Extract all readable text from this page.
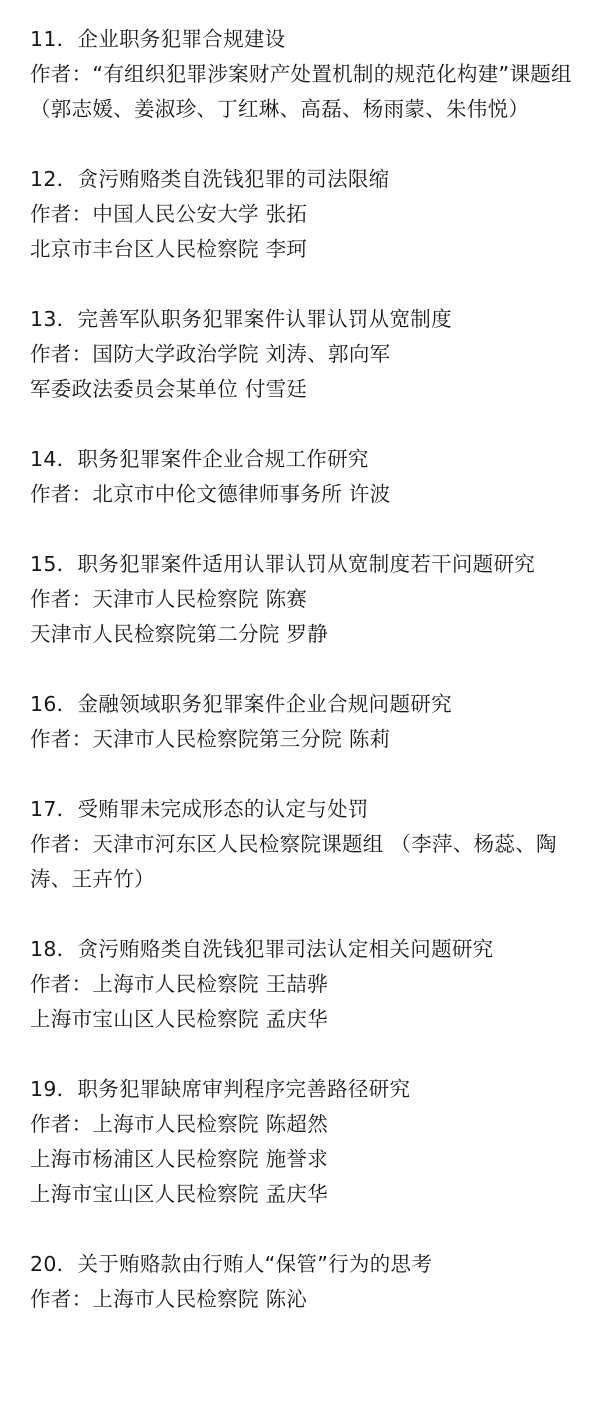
11．企业职务犯罪合规建设

作者：“有组织犯罪涉案财产处置机制的规范化构建”课题组

（郭志媛、姜淑珍、丁红琳、高磊、杨雨蒙、朱伟悦）

12．贪污贿赂类自洗钱犯罪的司法限缩

作者：中国人民公安大学 张拓

北京市丰台区人民检察院 李珂

13．完善军队职务犯罪案件认罪认罚从宽制度

作者：国防大学政治学院 刘涛、郭向军

军委政法委员会某单位 付雪廷

14．职务犯罪案件企业合规工作研究

作者：北京市中伦文德律师事务所 许波

15．职务犯罪案件适用认罪认罚从宽制度若干问题研究

作者：天津市人民检察院 陈赛

天津市人民检察院第二分院 罗静

16．金融领域职务犯罪案件企业合规问题研究

作者：天津市人民检察院第三分院 陈莉

17．受贿罪未完成形态的认定与处罚

作者：天津市河东区人民检察院课题组 （李萍、杨蕊、陶涛、王卉竹）

18．贪污贿赂类自洗钱犯罪司法认定相关问题研究

作者：上海市人民检察院 王喆骅

上海市宝山区人民检察院 孟庆华

19．职务犯罪缺席审判程序完善路径研究

作者：上海市人民检察院 陈超然

上海市杨浦区人民检察院 施誉求

上海市宝山区人民检察院 孟庆华

20．关于贿赂款由行贿人“保管”行为的思考

作者：上海市人民检察院 陈沁
